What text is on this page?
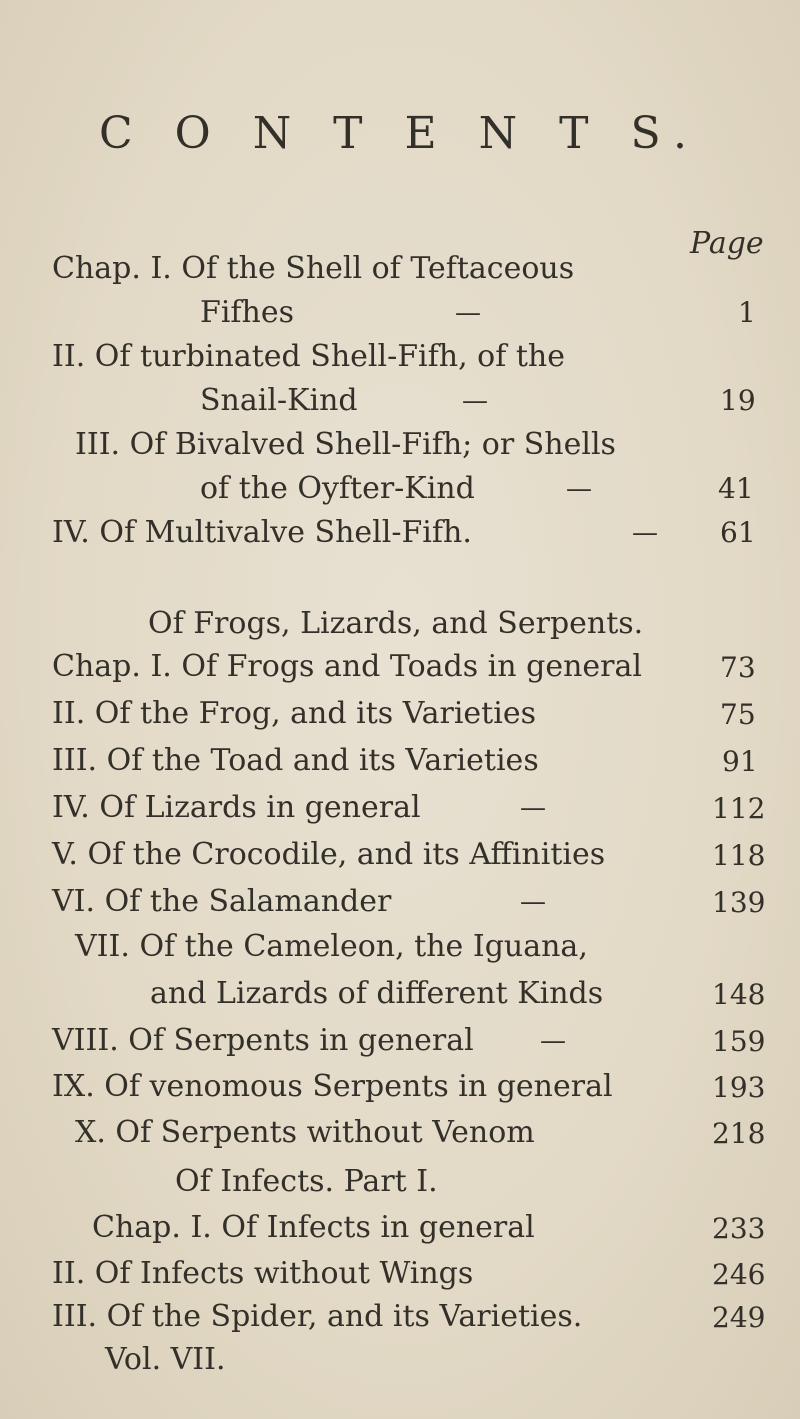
C O N T E N T S.
Page
Chap. I. Of the Shell of Teftaceous
Fifhes	—	1
II. Of turbinated Shell-Fifh, of the
Snail-Kind	—	19
III. Of Bivalved Shell-Fifh; or Shells
of the Oyfter-Kind	—	41
IV. Of Multivalve Shell-Fifh.	— 61
Of Frogs, Lizards, and Serpents.
Chap. I. Of Frogs and Toads in general	73
II. Of the Frog, and its Varieties	75
III. Of the Toad and its Varieties	91
IV. Of Lizards in general	—	112
V. Of the Crocodile, and its Affinities	118
VI. Of the Salamander	—	139
VII. Of the Cameleon, the Iguana,
and Lizards of different Kinds	148
VIII. Of Serpents in general	—	159
IX. Of venomous Serpents in general	193
X. Of Serpents without Venom	218
Of Infects. Part I.
Chap. I. Of Infects in general	233
II. Of Infects without Wings	246
III. Of the Spider, and its Varieties.	249
Vol. VII.
